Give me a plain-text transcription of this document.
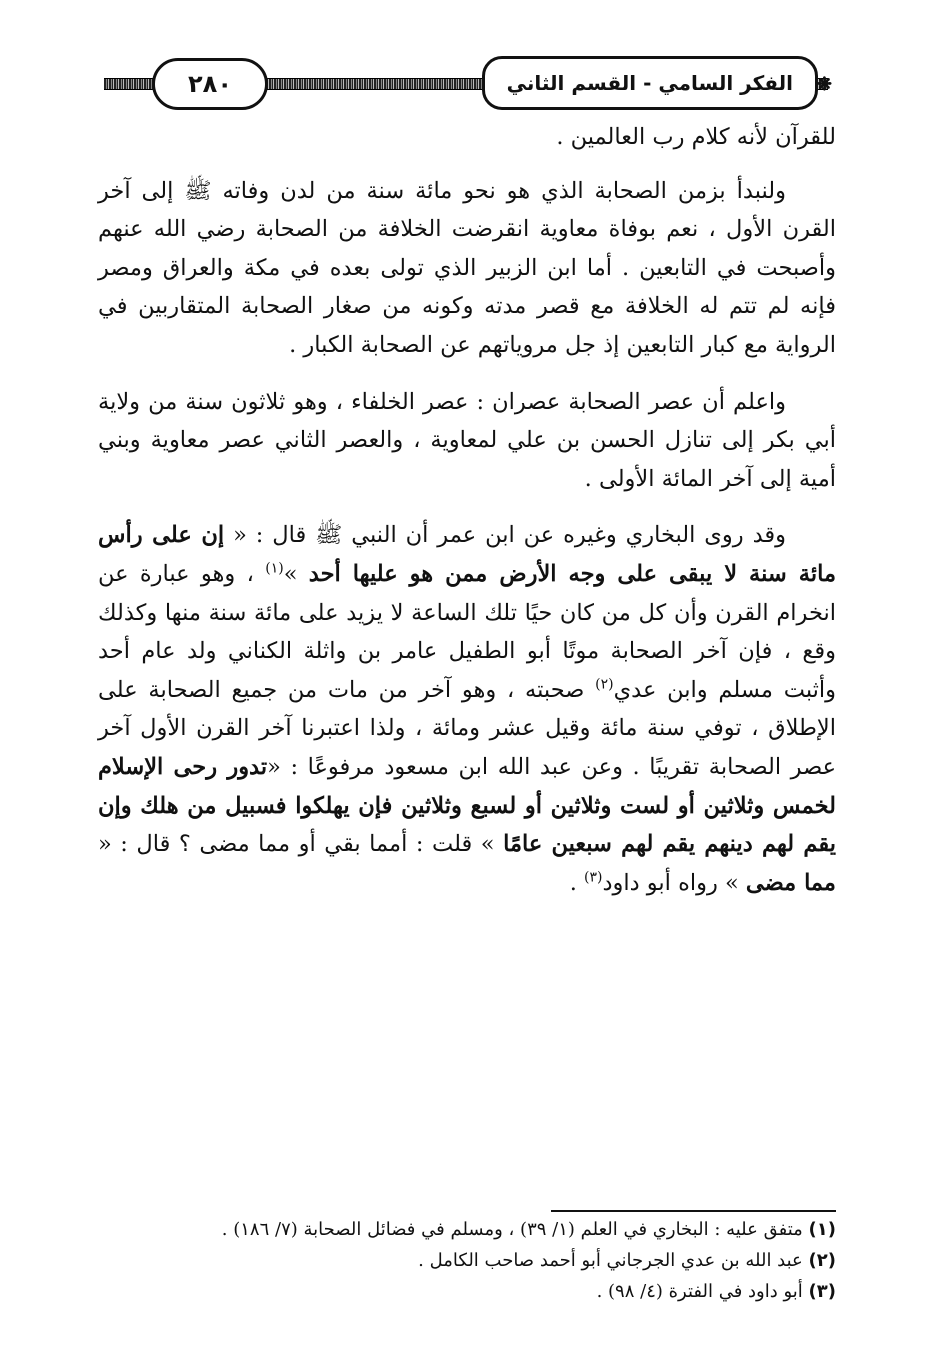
٢٨٠	الفكر السامي - القسم الثاني	❋

للقرآن لأنه كلام رب العالمين .

ولنبدأ بزمن الصحابة الذي هو نحو مائة سنة من لدن وفاته ﷺ إلى آخر القرن الأول ، نعم بوفاة معاوية انقرضت الخلافة من الصحابة رضي الله عنهم وأصبحت في التابعين . أما ابن الزبير الذي تولى بعده في مكة والعراق ومصر فإنه لم تتم له الخلافة مع قصر مدته وكونه من صغار الصحابة المتقاربين في الرواية مع كبار التابعين إذ جل مروياتهم عن الصحابة الكبار .

واعلم أن عصر الصحابة عصران : عصر الخلفاء ، وهو ثلاثون سنة من ولاية أبي بكر إلى تنازل الحسن بن علي لمعاوية ، والعصر الثاني عصر معاوية وبني أمية إلى آخر المائة الأولى .

وقد روى البخاري وغيره عن ابن عمر أن النبي ﷺ قال : « إن على رأس مائة سنة لا يبقى على وجه الأرض ممن هو عليها أحد »$^{(١)}$ ، وهو عبارة عن انخرام القرن وأن كل من كان حيًا تلك الساعة لا يزيد على مائة سنة منها وكذلك وقع ، فإن آخر الصحابة موتًا أبو الطفيل عامر بن واثلة الكناني ولد عام أحد وأثبت مسلم وابن عدي$^{(٢)}$ صحبته ، وهو آخر من مات من جميع الصحابة على الإطلاق ، توفي سنة مائة وقيل عشر ومائة ، ولذا اعتبرنا آخر القرن الأول آخر عصر الصحابة تقريبًا . وعن عبد الله ابن مسعود مرفوعًا : «تدور رحى الإسلام لخمس وثلاثين أو لست وثلاثين أو لسبع وثلاثين فإن يهلكوا فسبيل من هلك وإن يقم لهم دينهم يقم لهم سبعين عامًا » قلت : أمما بقي أو مما مضى ؟ قال : « مما مضى » رواه أبو داود$^{(٣)}$ .

(١) متفق عليه : البخاري في العلم (١/ ٣٩) ، ومسلم في فضائل الصحابة (٧/ ١٨٦) .

(٢) عبد الله بن عدي الجرجاني أبو أحمد صاحب الكامل .

(٣) أبو داود في الفترة (٤/ ٩٨) .
